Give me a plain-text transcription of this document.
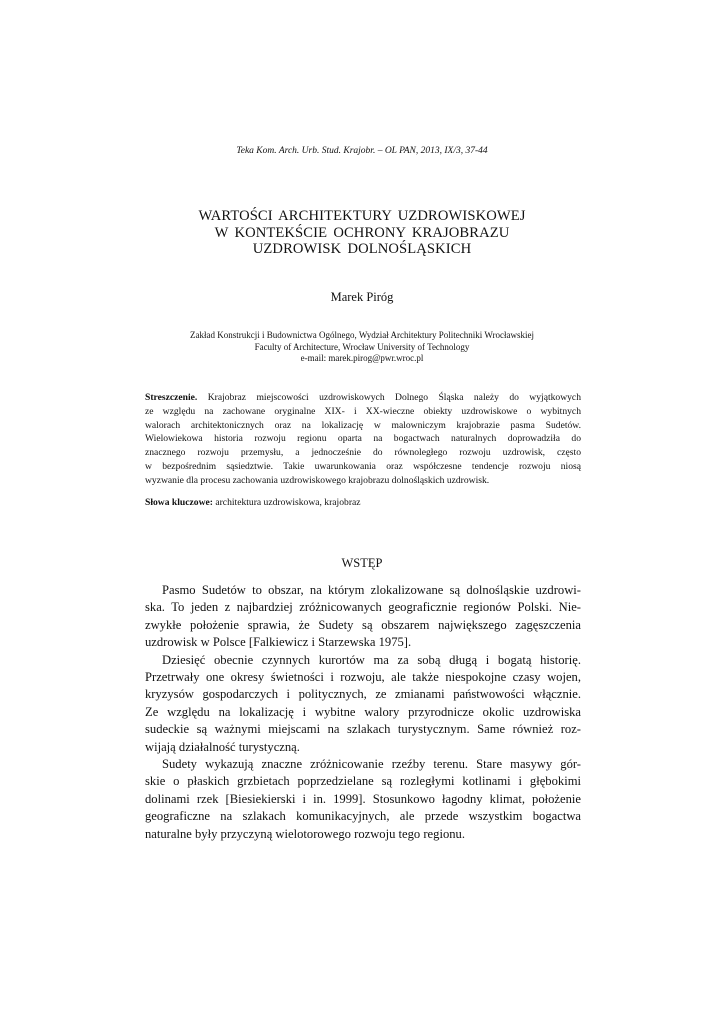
Teka Kom. Arch. Urb. Stud. Krajobr. – OL PAN, 2013, IX/3, 37-44
WARTOŚCI ARCHITEKTURY UZDROWISKOWEJ
W KONTEKŚCIE OCHRONY KRAJOBRAZU
UZDROWISK DOLNOŚLĄSKICH
Marek Piróg
Zakład Konstrukcji i Budownictwa Ogólnego, Wydział Architektury Politechniki Wrocławskiej
Faculty of Architecture, Wrocław University of Technology
e-mail: marek.pirog@pwr.wroc.pl
Streszczenie. Krajobraz miejscowości uzdrowiskowych Dolnego Śląska należy do wyjątkowych
ze względu na zachowane oryginalne XIX- i XX-wieczne obiekty uzdrowiskowe o wybitnych
walorach architektonicznych oraz na lokalizację w malowniczym krajobrazie pasma Sudetów.
Wielowiekowa historia rozwoju regionu oparta na bogactwach naturalnych doprowadziła do
znacznego rozwoju przemysłu, a jednocześnie do równoległego rozwoju uzdrowisk, często
w bezpośrednim sąsiedztwie. Takie uwarunkowania oraz współczesne tendencje rozwoju niosą
wyzwanie dla procesu zachowania uzdrowiskowego krajobrazu dolnośląskich uzdrowisk.
Słowa kluczowe: architektura uzdrowiskowa, krajobraz
WSTĘP
Pasmo Sudetów to obszar, na którym zlokalizowane są dolnośląskie uzdrowi-
ska. To jeden z najbardziej zróżnicowanych geograficznie regionów Polski. Nie-
zwykłe położenie sprawia, że Sudety są obszarem największego zagęszczenia
uzdrowisk w Polsce [Falkiewicz i Starzewska 1975].
Dziesięć obecnie czynnych kurortów ma za sobą długą i bogatą historię.
Przetrwały one okresy świetności i rozwoju, ale także niespokojne czasy wojen,
kryzysów gospodarczych i politycznych, ze zmianami państwowości włącznie.
Ze względu na lokalizację i wybitne walory przyrodnicze okolic uzdrowiska
sudeckie są ważnymi miejscami na szlakach turystycznym. Same również roz-
wijają działalność turystyczną.
Sudety wykazują znaczne zróżnicowanie rzeźby terenu. Stare masywy gór-
skie o płaskich grzbietach poprzedzielane są rozległymi kotlinami i głębokimi
dolinami rzek [Biesiekierski i in. 1999]. Stosunkowo łagodny klimat, położenie
geograficzne na szlakach komunikacyjnych, ale przede wszystkim bogactwa
naturalne były przyczyną wielotorowego rozwoju tego regionu.
